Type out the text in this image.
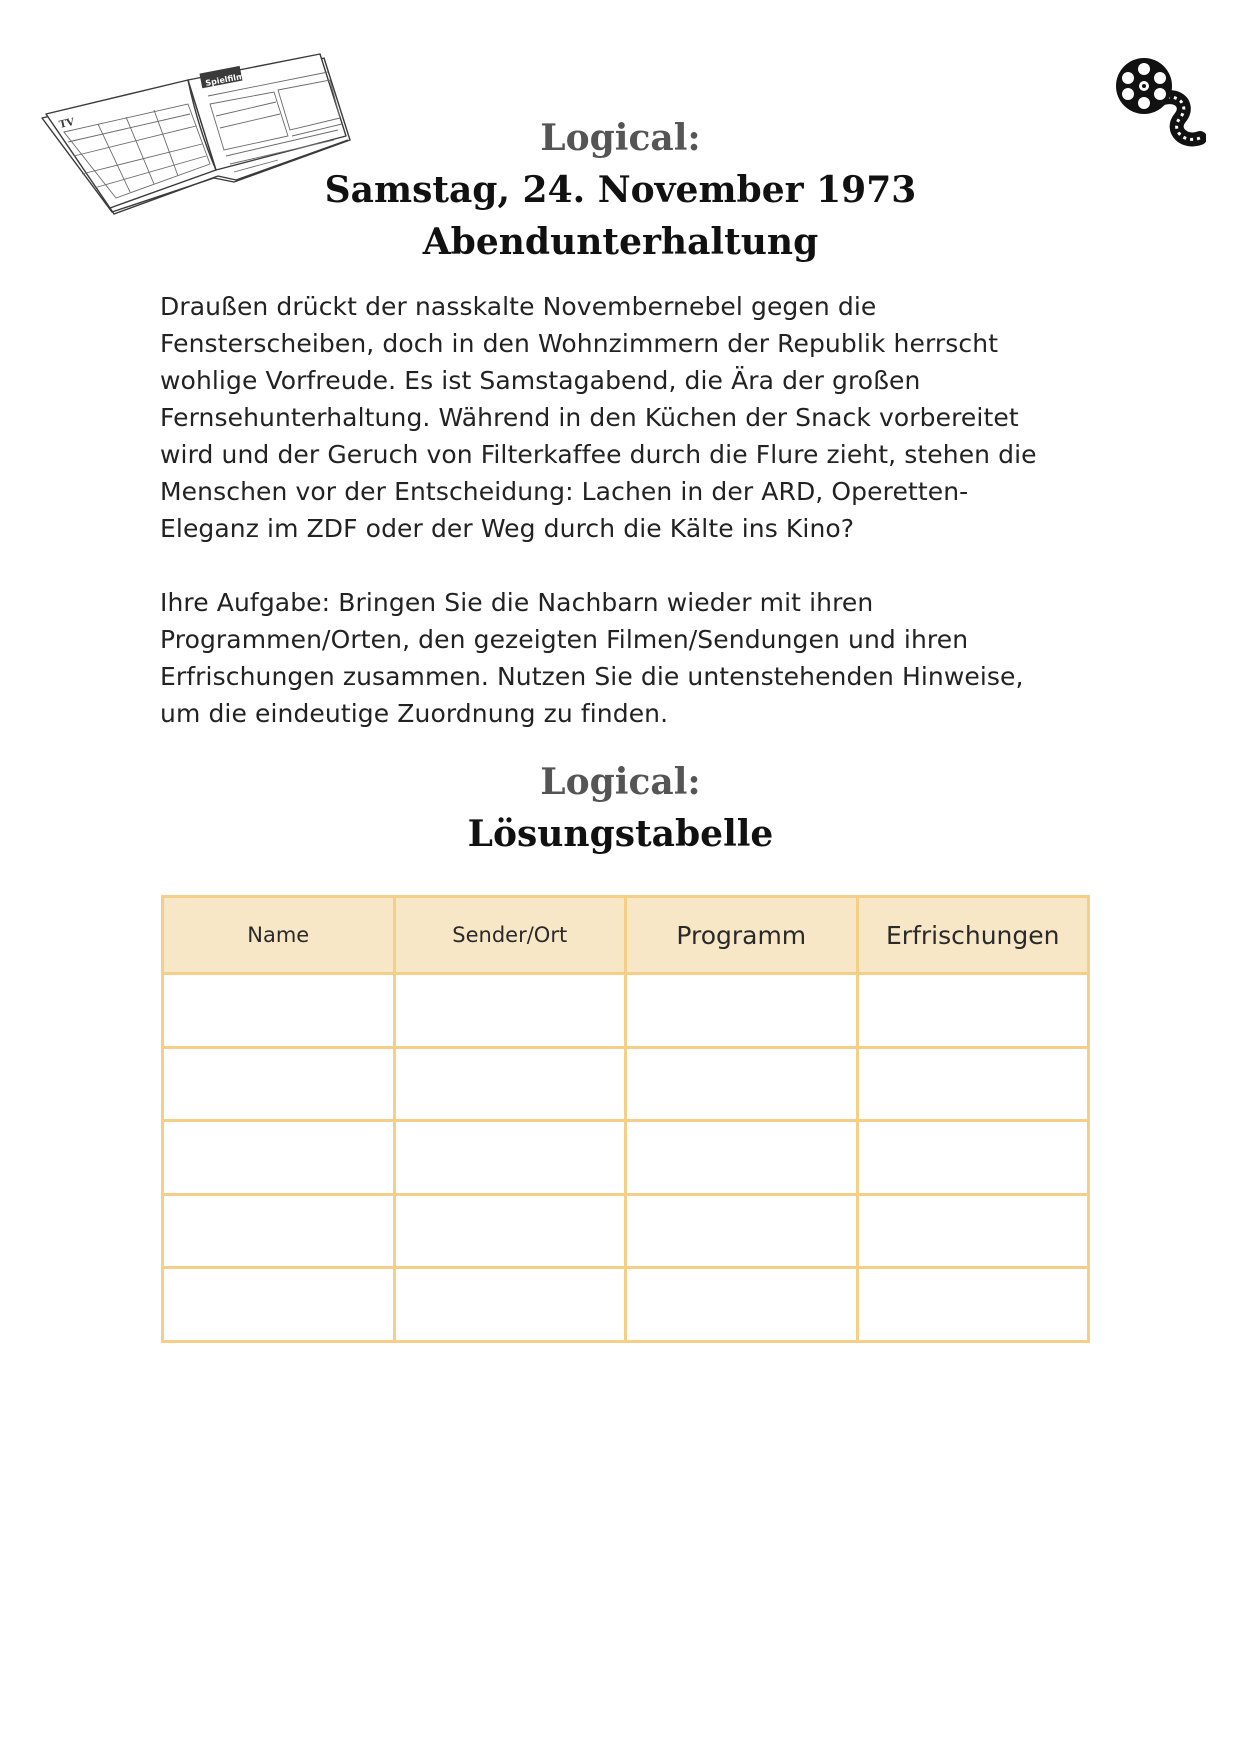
TV
Spielfilm
Logical:
Samstag, 24. November 1973
Abendunterhaltung

Draußen drückt der nasskalte Novembernebel gegen die
Fensterscheiben, doch in den Wohnzimmern der Republik herrscht
wohlige Vorfreude. Es ist Samstagabend, die Ära der großen
Fernsehunterhaltung. Während in den Küchen der Snack vorbereitet
wird und der Geruch von Filterkaffee durch die Flure zieht, stehen die
Menschen vor der Entscheidung: Lachen in der ARD, Operetten-
Eleganz im ZDF oder der Weg durch die Kälte ins Kino?

Ihre Aufgabe: Bringen Sie die Nachbarn wieder mit ihren
Programmen/Orten, den gezeigten Filmen/Sendungen und ihren
Erfrischungen zusammen. Nutzen Sie die untenstehenden Hinweise,
um die eindeutige Zuordnung zu finden.

Logical:
Lösungstabelle
Name	Sender/Ort	Programm	Erfrischungen
